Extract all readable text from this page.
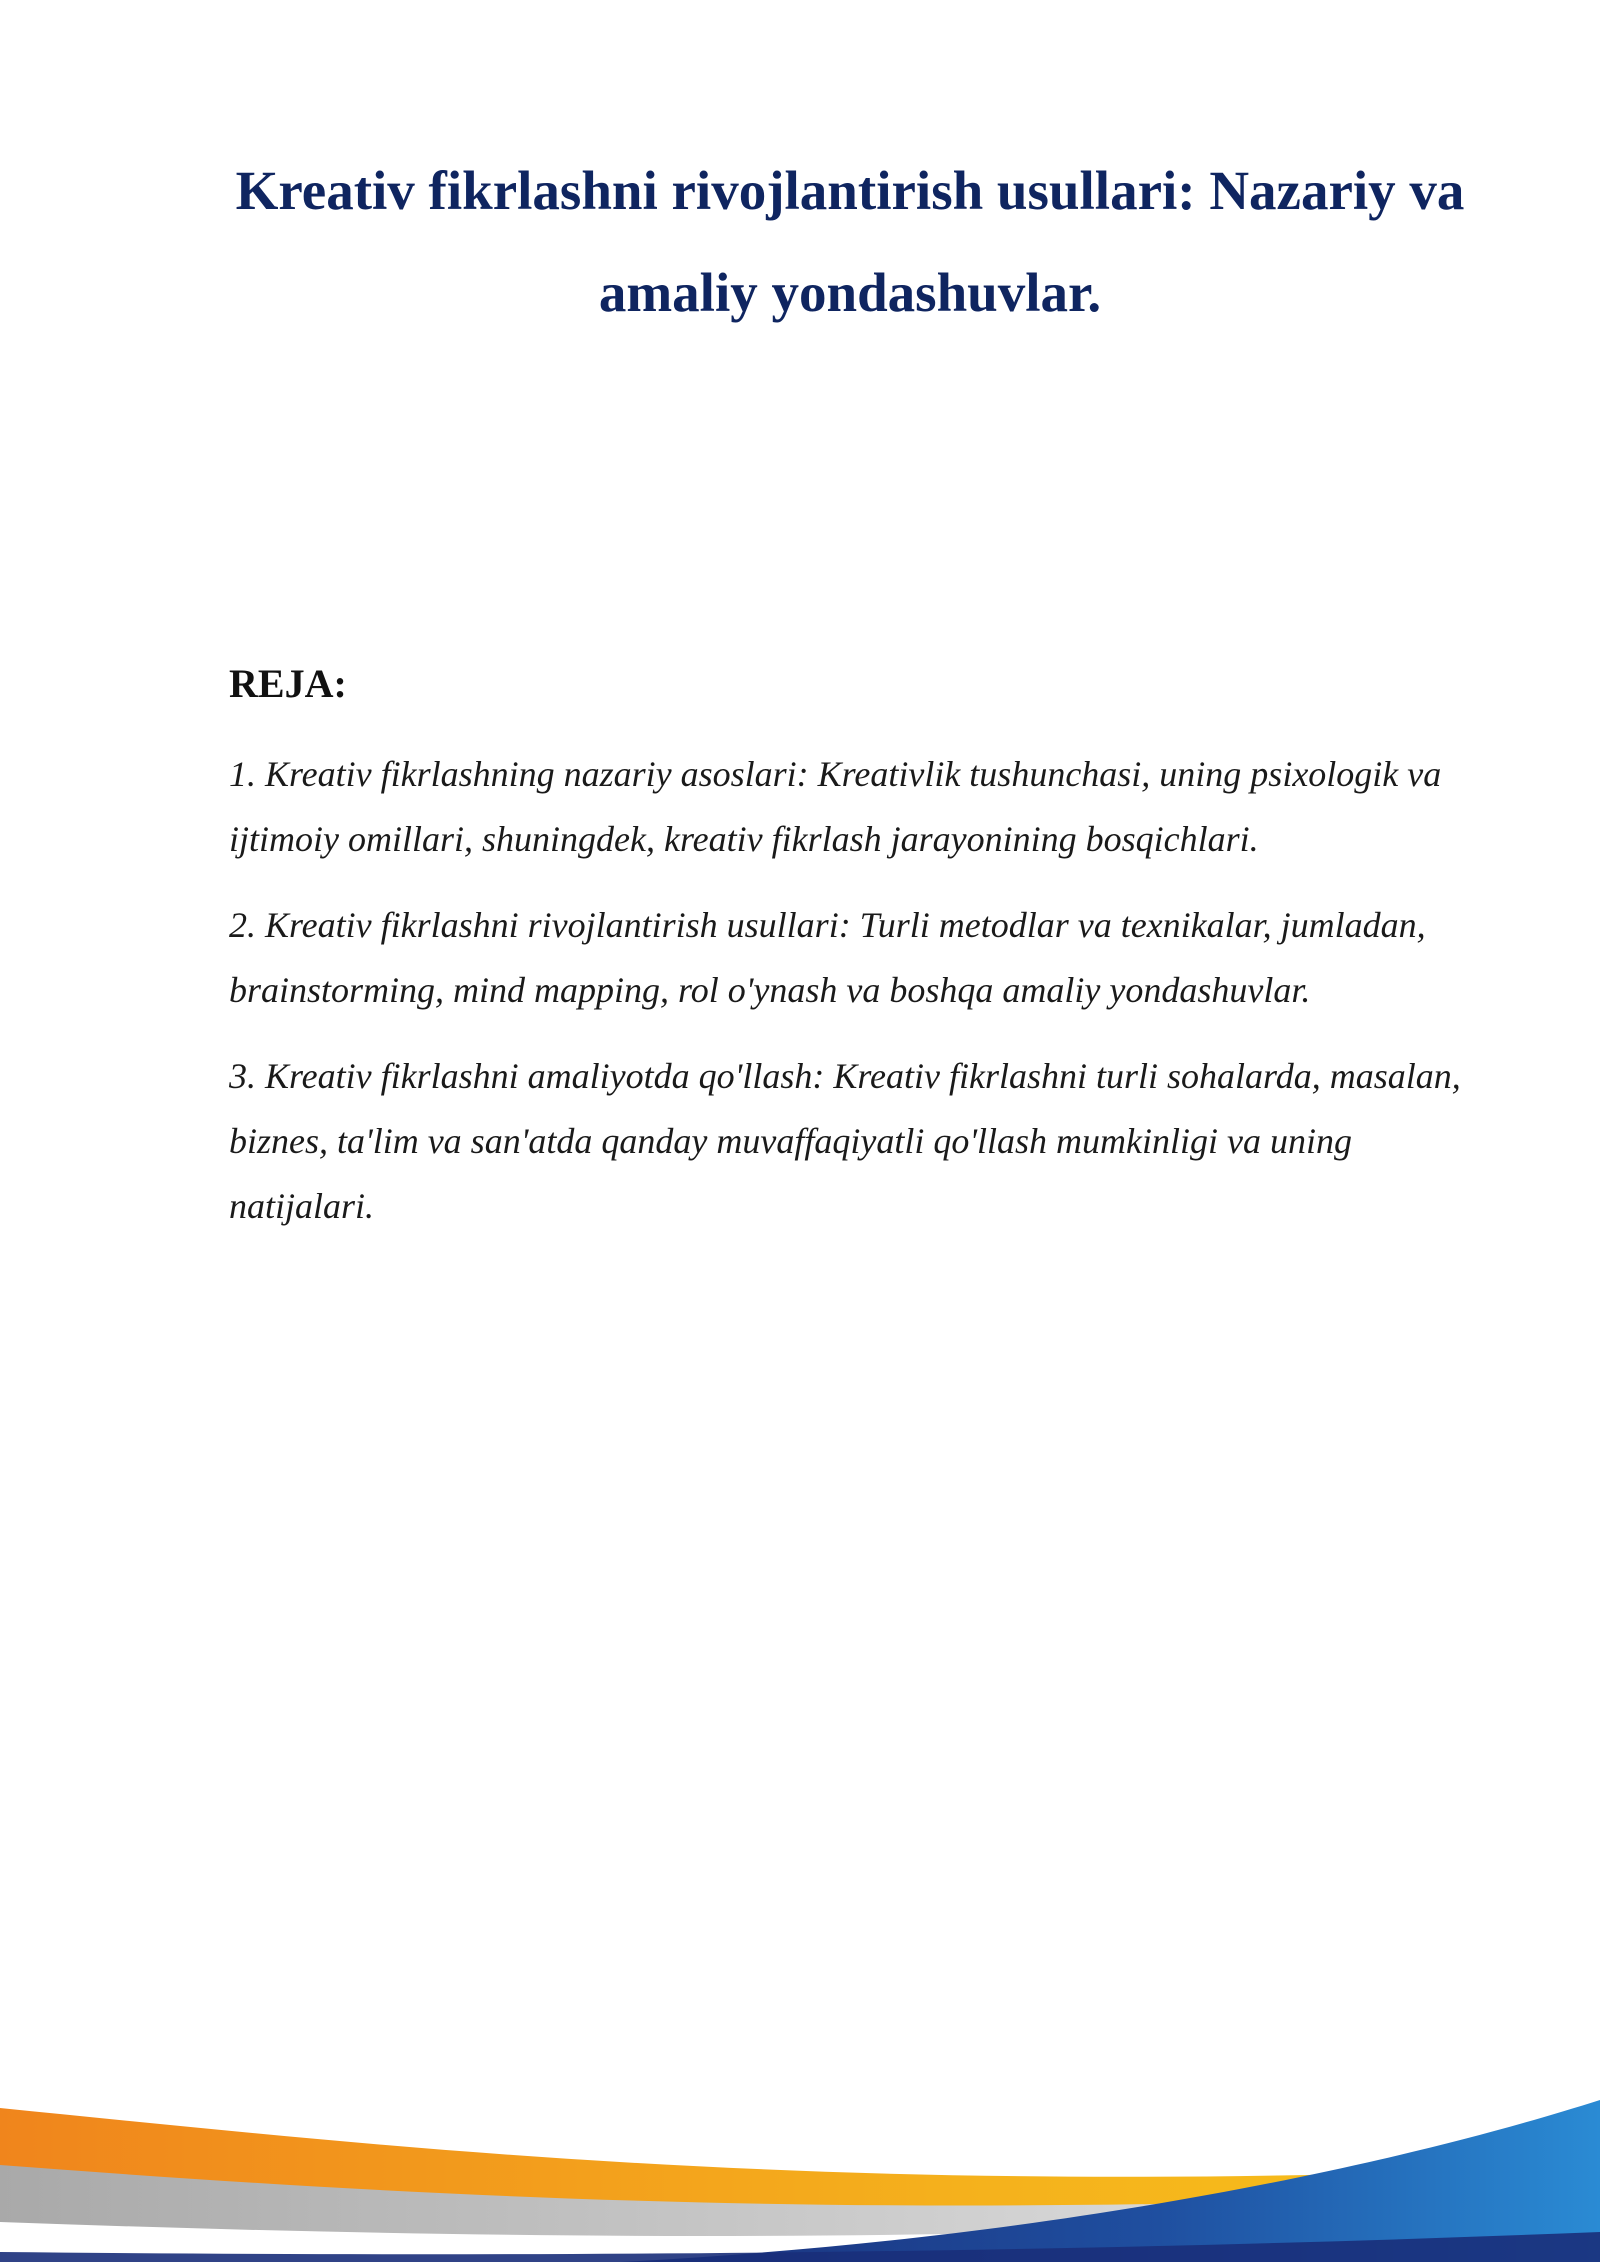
Kreativ fikrlashni rivojlantirish usullari: Nazariy va amaliy yondashuvlar.
REJA:
1. Kreativ fikrlashning nazariy asoslari: Kreativlik tushunchasi, uning psixologik va ijtimoiy omillari, shuningdek, kreativ fikrlash jarayonining bosqichlari.
2. Kreativ fikrlashni rivojlantirish usullari: Turli metodlar va texnikalar, jumladan, brainstorming, mind mapping, rol o'ynash va boshqa amaliy yondashuvlar.
3. Kreativ fikrlashni amaliyotda qo'llash: Kreativ fikrlashni turli sohalarda, masalan, biznes, ta'lim va san'atda qanday muvaffaqiyatli qo'llash mumkinligi va uning natijalari.
